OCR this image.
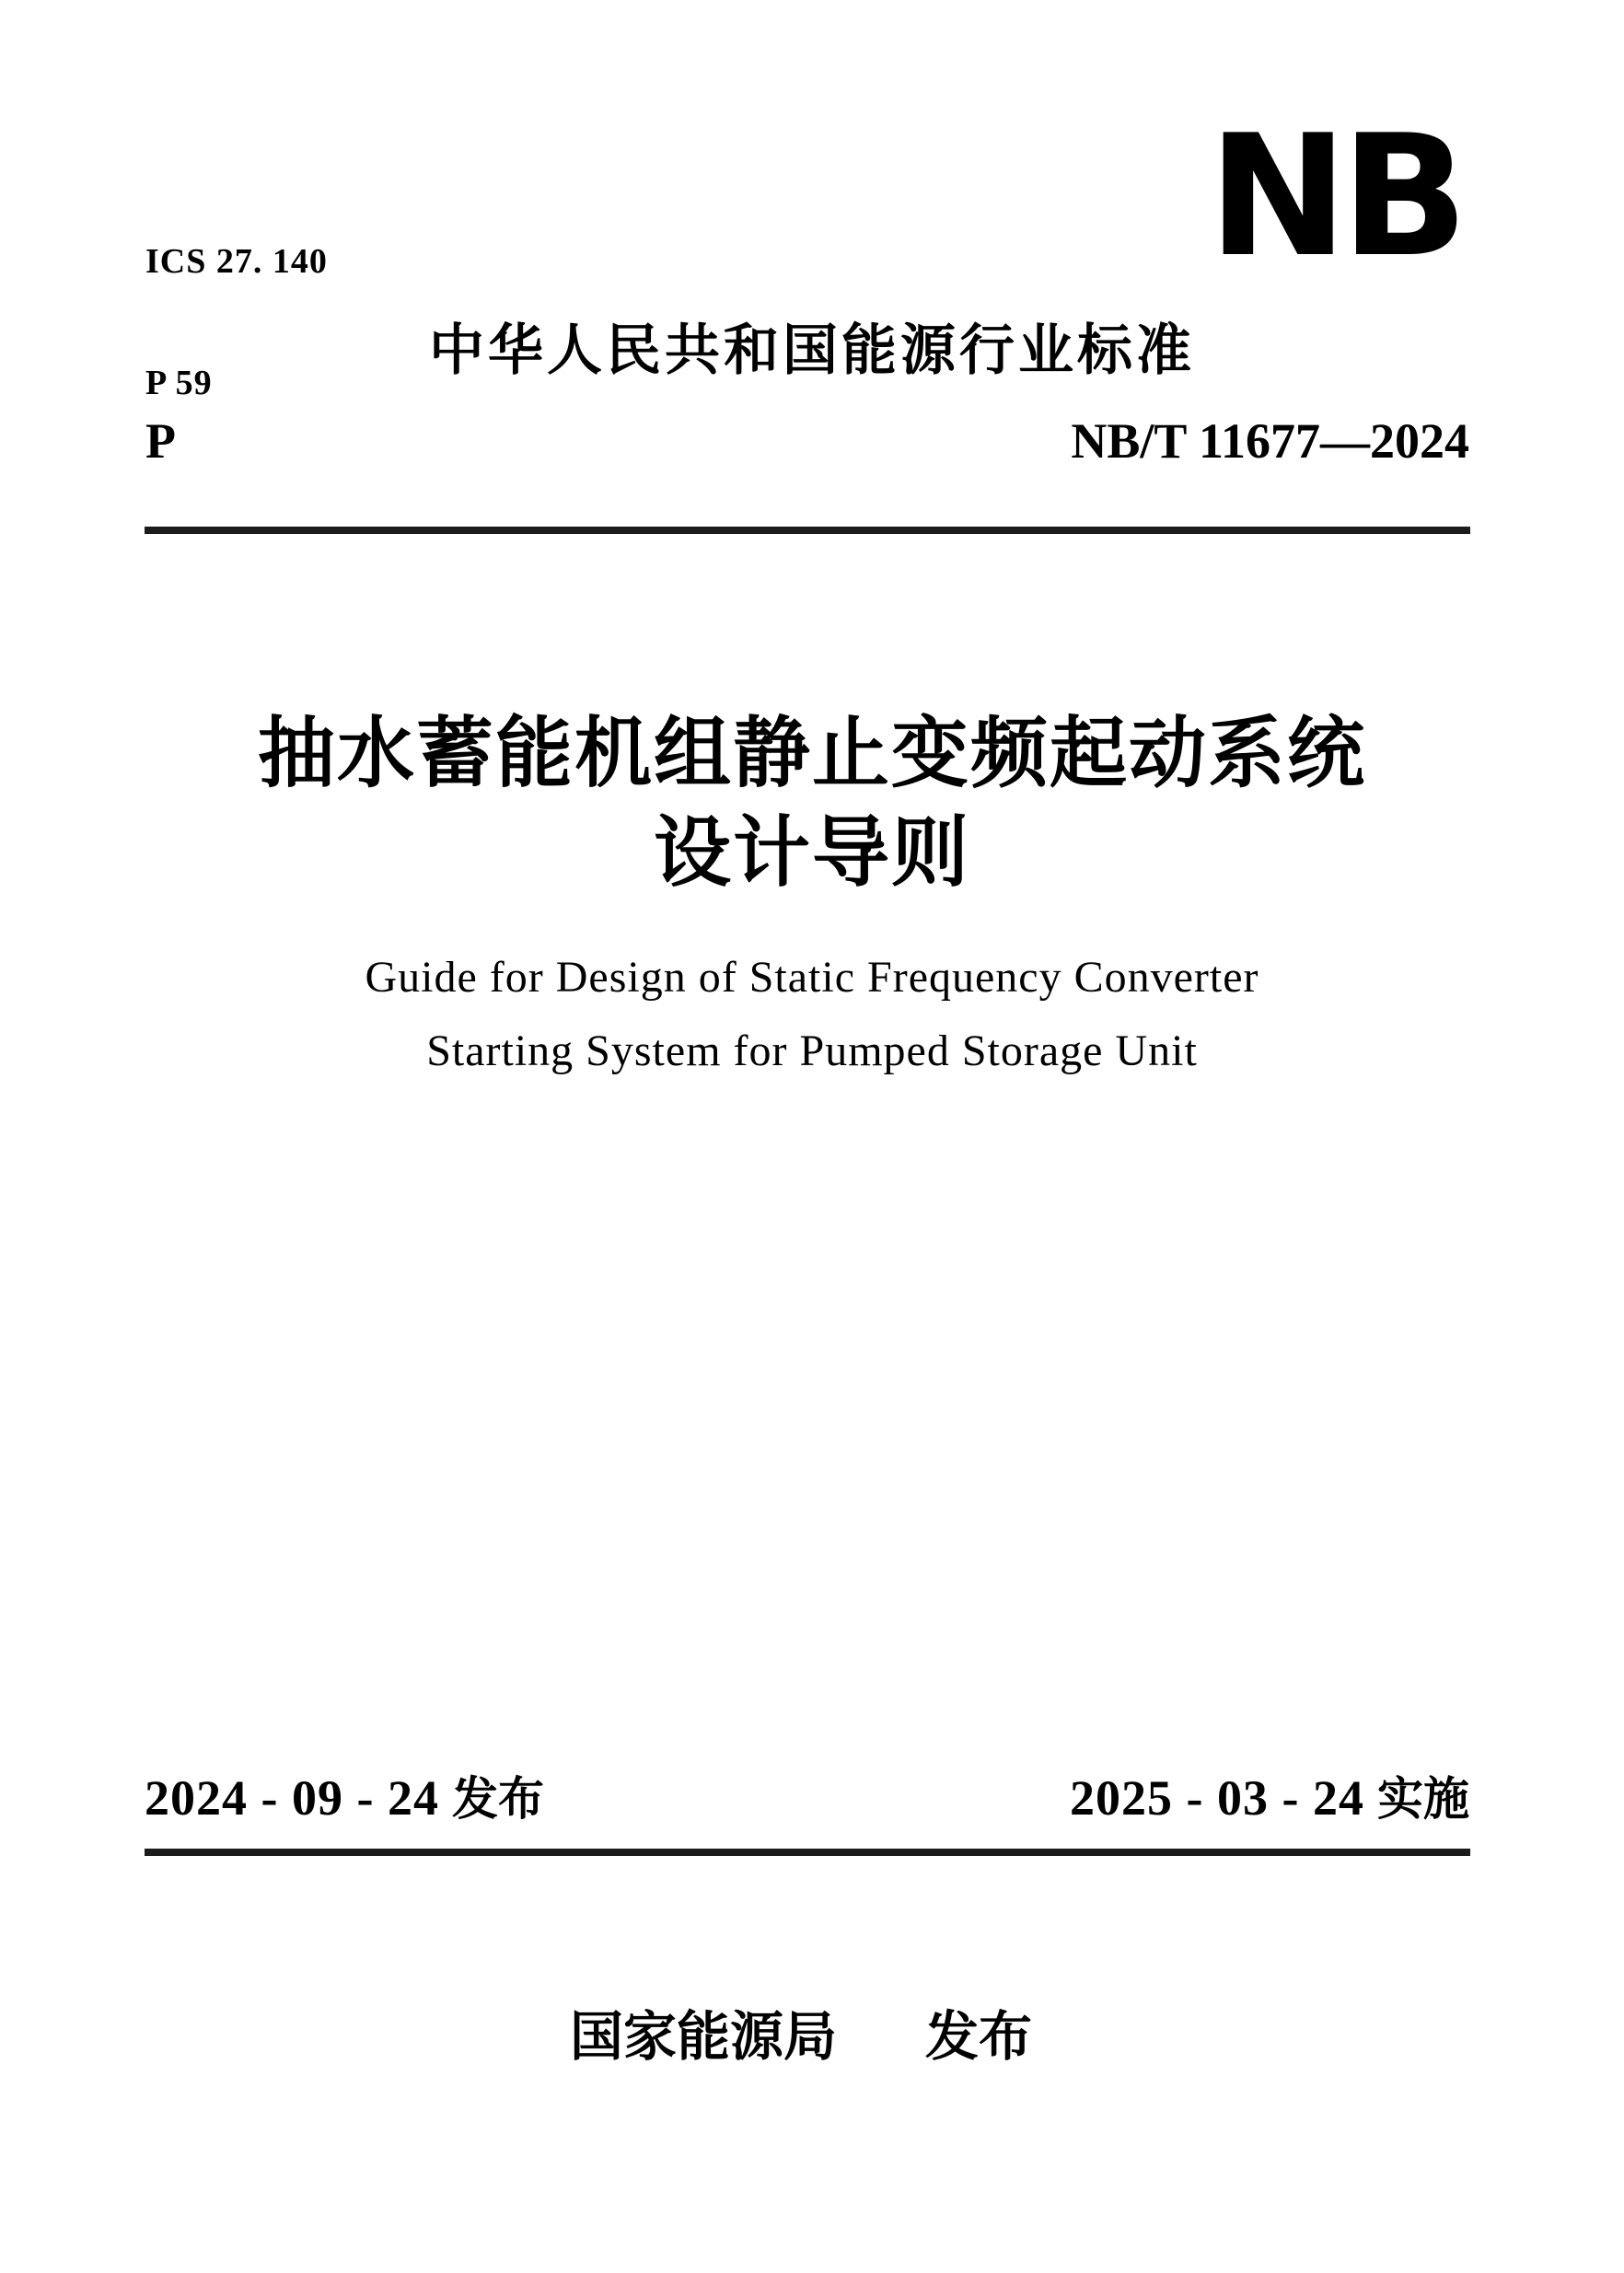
ICS 27. 140

P 59

NB
中华人民共和国能源行业标准
P	NB/T 11677—2024
抽水蓄能机组静止变频起动系统
设计导则
Guide for Design of Static Frequency Converter
Starting System for Pumped Storage Unit
2024 - 09 - 24 发布	2025 - 03 - 24 实施
国家能源局 发布
